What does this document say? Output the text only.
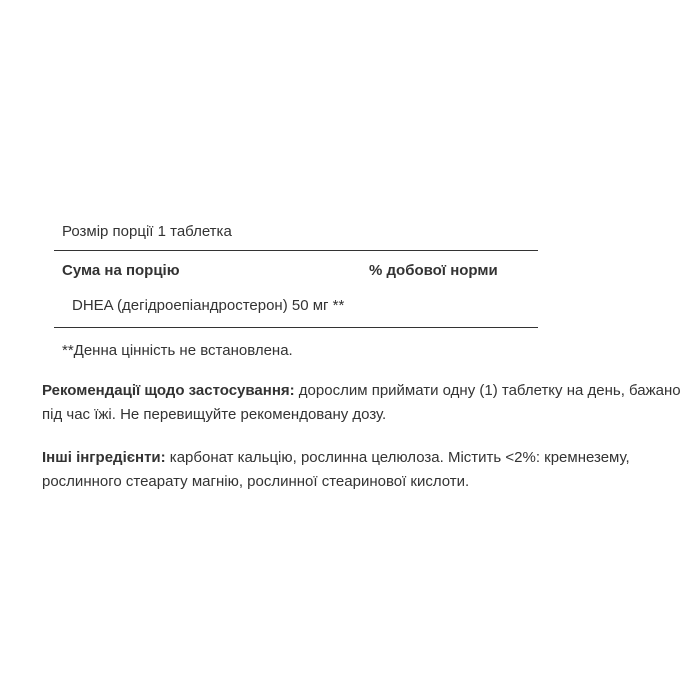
Розмір порції 1 таблетка
Сума на порцію	% добової норми
DHEA (дегідроепіандростерон) 50 мг **
**Денна цінність не встановлена.
Рекомендації щодо застосування: дорослим приймати одну (1) таблетку на день, бажано під час їжі. Не перевищуйте рекомендовану дозу.
Інші інгредієнти: карбонат кальцію, рослинна целюлоза. Містить <2%: кремнезему, рослинного стеарату магнію, рослинної стеаринової кислоти.
